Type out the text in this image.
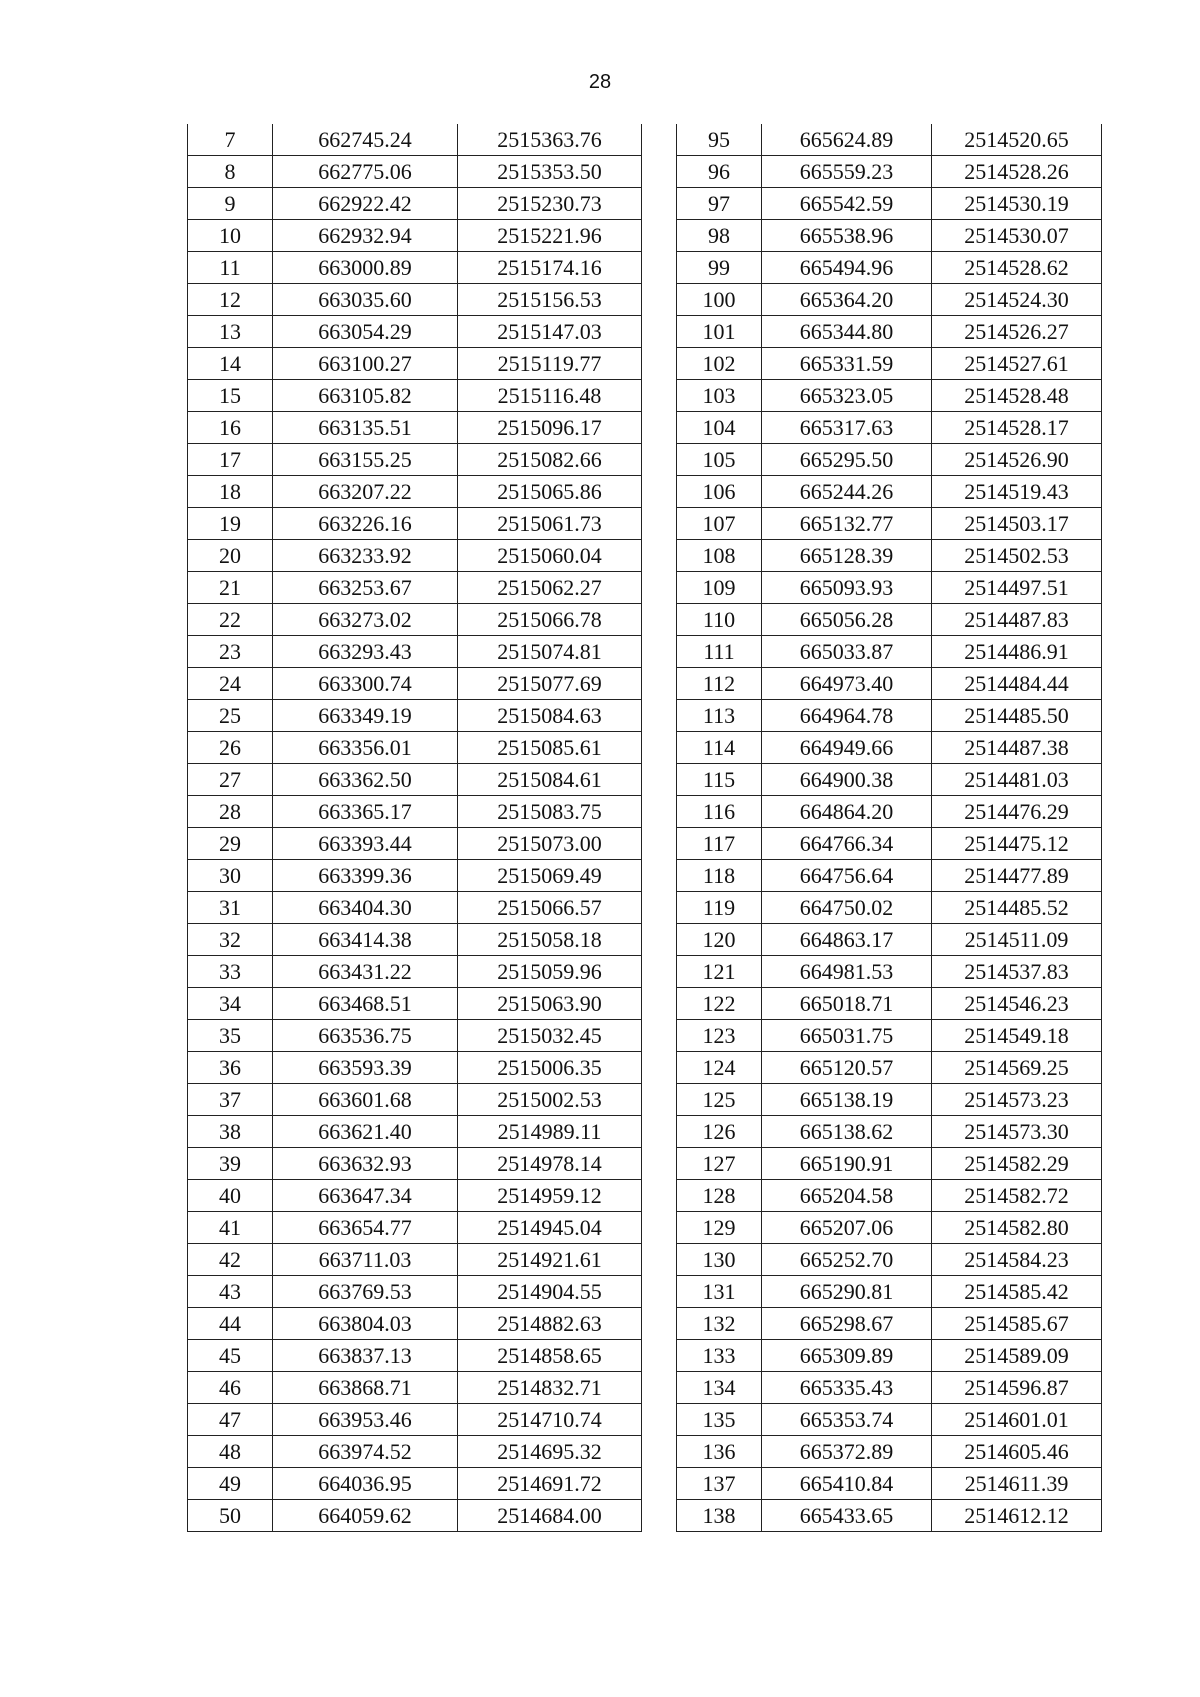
28
7	662745.24	2515363.76
8	662775.06	2515353.50
9	662922.42	2515230.73
10	662932.94	2515221.96
11	663000.89	2515174.16
12	663035.60	2515156.53
13	663054.29	2515147.03
14	663100.27	2515119.77
15	663105.82	2515116.48
16	663135.51	2515096.17
17	663155.25	2515082.66
18	663207.22	2515065.86
19	663226.16	2515061.73
20	663233.92	2515060.04
21	663253.67	2515062.27
22	663273.02	2515066.78
23	663293.43	2515074.81
24	663300.74	2515077.69
25	663349.19	2515084.63
26	663356.01	2515085.61
27	663362.50	2515084.61
28	663365.17	2515083.75
29	663393.44	2515073.00
30	663399.36	2515069.49
31	663404.30	2515066.57
32	663414.38	2515058.18
33	663431.22	2515059.96
34	663468.51	2515063.90
35	663536.75	2515032.45
36	663593.39	2515006.35
37	663601.68	2515002.53
38	663621.40	2514989.11
39	663632.93	2514978.14
40	663647.34	2514959.12
41	663654.77	2514945.04
42	663711.03	2514921.61
43	663769.53	2514904.55
44	663804.03	2514882.63
45	663837.13	2514858.65
46	663868.71	2514832.71
47	663953.46	2514710.74
48	663974.52	2514695.32
49	664036.95	2514691.72
50	664059.62	2514684.00
95	665624.89	2514520.65
96	665559.23	2514528.26
97	665542.59	2514530.19
98	665538.96	2514530.07
99	665494.96	2514528.62
100	665364.20	2514524.30
101	665344.80	2514526.27
102	665331.59	2514527.61
103	665323.05	2514528.48
104	665317.63	2514528.17
105	665295.50	2514526.90
106	665244.26	2514519.43
107	665132.77	2514503.17
108	665128.39	2514502.53
109	665093.93	2514497.51
110	665056.28	2514487.83
111	665033.87	2514486.91
112	664973.40	2514484.44
113	664964.78	2514485.50
114	664949.66	2514487.38
115	664900.38	2514481.03
116	664864.20	2514476.29
117	664766.34	2514475.12
118	664756.64	2514477.89
119	664750.02	2514485.52
120	664863.17	2514511.09
121	664981.53	2514537.83
122	665018.71	2514546.23
123	665031.75	2514549.18
124	665120.57	2514569.25
125	665138.19	2514573.23
126	665138.62	2514573.30
127	665190.91	2514582.29
128	665204.58	2514582.72
129	665207.06	2514582.80
130	665252.70	2514584.23
131	665290.81	2514585.42
132	665298.67	2514585.67
133	665309.89	2514589.09
134	665335.43	2514596.87
135	665353.74	2514601.01
136	665372.89	2514605.46
137	665410.84	2514611.39
138	665433.65	2514612.12
